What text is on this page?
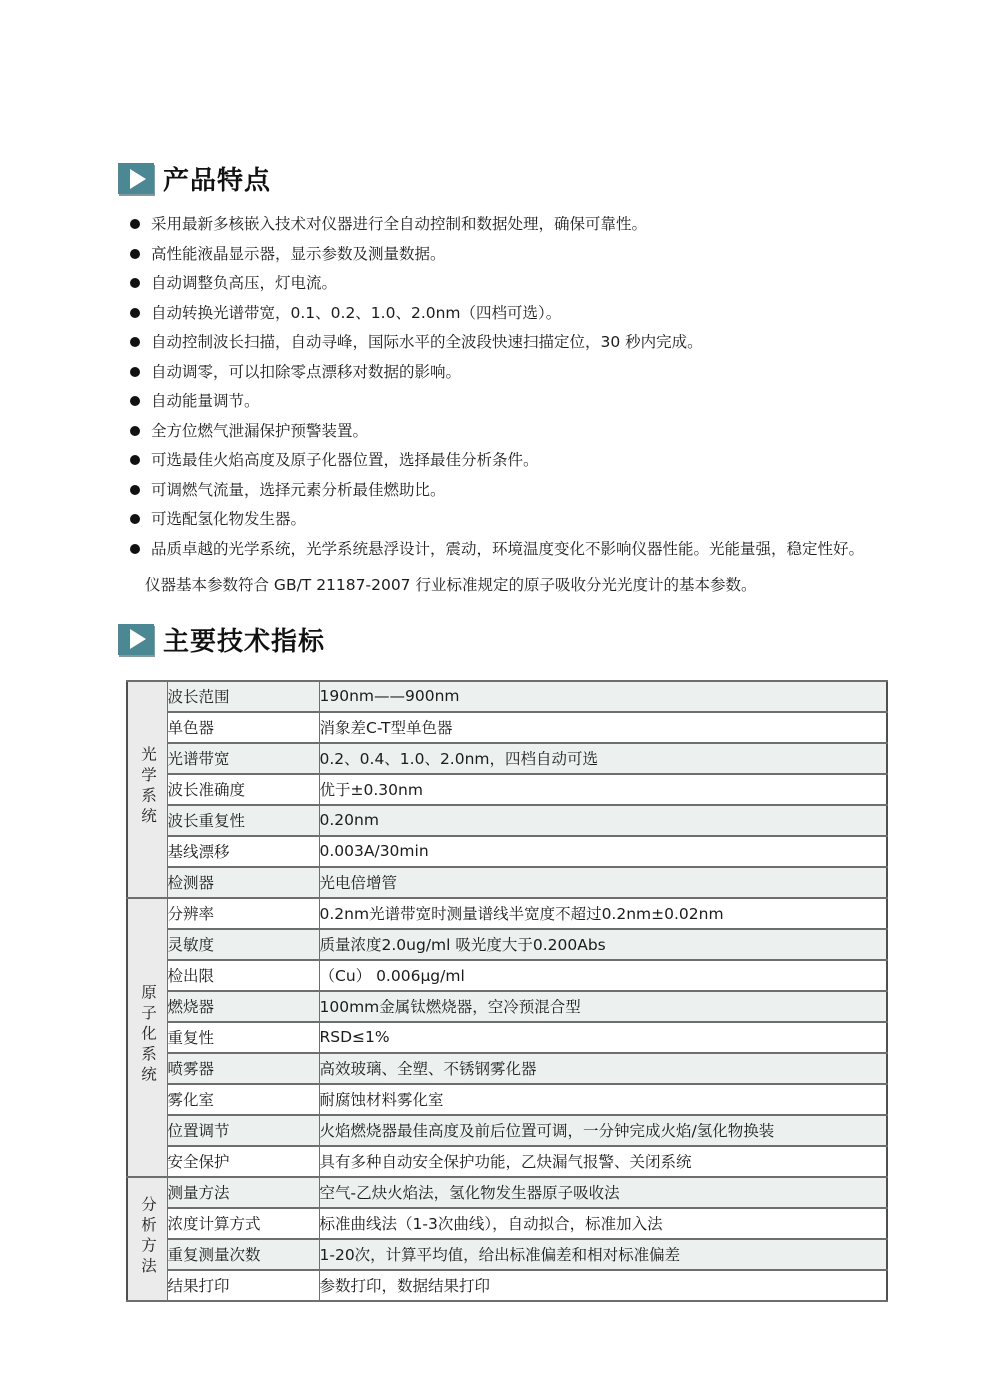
产品特点
采用最新多核嵌入技术对仪器进行全自动控制和数据处理，确保可靠性。
高性能液晶显示器，显示参数及测量数据。
自动调整负高压，灯电流。
自动转换光谱带宽，0.1、0.2、1.0、2.0nm（四档可选）。
自动控制波长扫描，自动寻峰，国际水平的全波段快速扫描定位，30 秒内完成。
自动调零，可以扣除零点漂移对数据的影响。
自动能量调节。
全方位燃气泄漏保护预警装置。
可选最佳火焰高度及原子化器位置，选择最佳分析条件。
可调燃气流量，选择元素分析最佳燃助比。
可选配氢化物发生器。
品质卓越的光学系统，光学系统悬浮设计，震动，环境温度变化不影响仪器性能。光能量强，稳定性好。

仪器基本参数符合 GB/T 21187-2007 行业标准规定的原子吸收分光光度计的基本参数。

主要技术指标
光学系统	波长范围	190nm——900nm
	单色器	消象差C-T型单色器
	光谱带宽	0.2、0.4、1.0、2.0nm，四档自动可选
	波长准确度	优于±0.30nm
	波长重复性	0.20nm
	基线漂移	0.003A/30min
	检测器	光电倍增管
原子化系统	分辨率	0.2nm光谱带宽时测量谱线半宽度不超过0.2nm±0.02nm
	灵敏度	质量浓度2.0ug/ml 吸光度大于0.200Abs
	检出限	（Cu） 0.006μg/ml
	燃烧器	100mm金属钛燃烧器，空冷预混合型
	重复性	RSD≤1%
	喷雾器	高效玻璃、全塑、不锈钢雾化器
	雾化室	耐腐蚀材料雾化室
	位置调节	火焰燃烧器最佳高度及前后位置可调，一分钟完成火焰/氢化物换装
	安全保护	具有多种自动安全保护功能，乙炔漏气报警、关闭系统
分析方法	测量方法	空气-乙炔火焰法，氢化物发生器原子吸收法
	浓度计算方式	标准曲线法（1-3次曲线），自动拟合，标准加入法
	重复测量次数	1-20次，计算平均值，给出标准偏差和相对标准偏差
	结果打印	参数打印，数据结果打印
